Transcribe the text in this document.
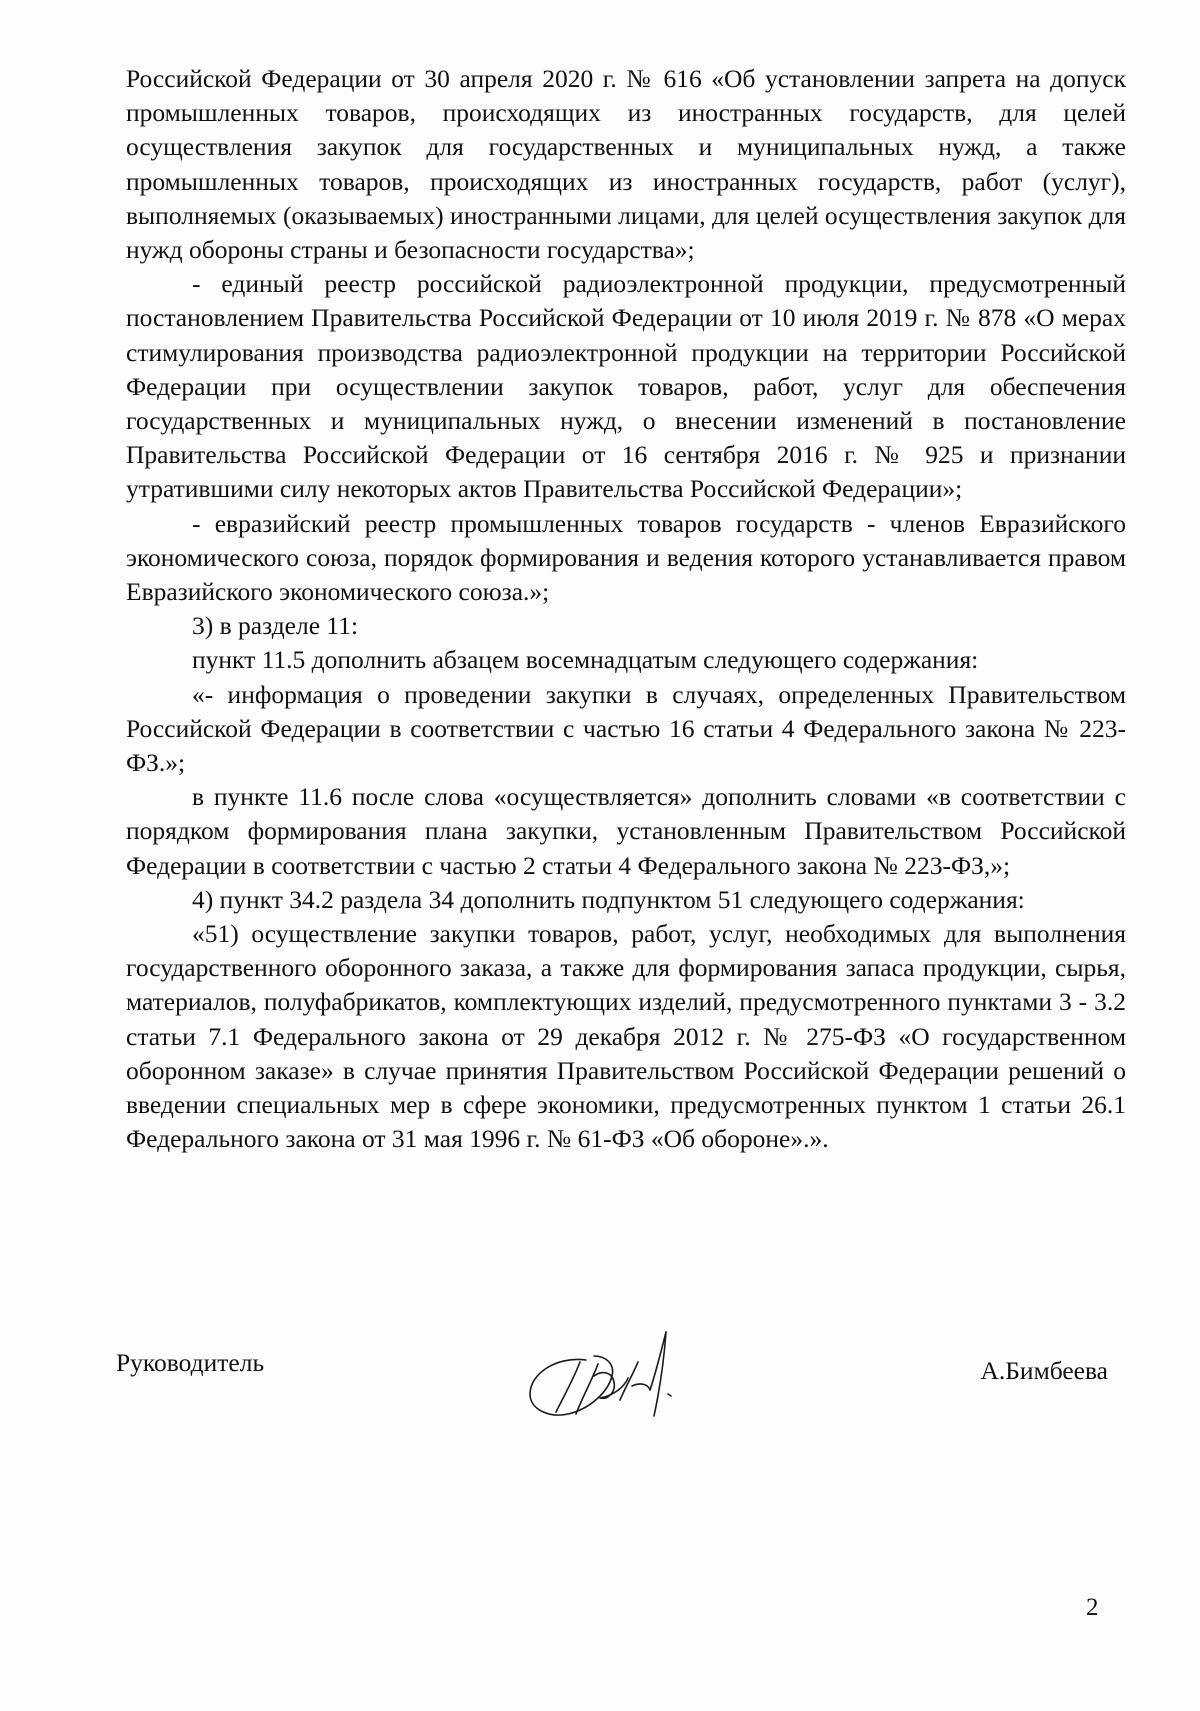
Российской Федерации от 30 апреля 2020 г. № 616 «Об установлении запрета на допуск промышленных товаров, происходящих из иностранных государств, для целей осуществления закупок для государственных и муниципальных нужд, а также промышленных товаров, происходящих из иностранных государств, работ (услуг), выполняемых (оказываемых) иностранными лицами, для целей осуществления закупок для нужд обороны страны и безопасности государства»;

- единый реестр российской радиоэлектронной продукции, предусмотренный постановлением Правительства Российской Федерации от 10 июля 2019 г. № 878 «О мерах стимулирования производства радиоэлектронной продукции на территории Российской Федерации при осуществлении закупок товаров, работ, услуг для обеспечения государственных и муниципальных нужд, о внесении изменений в постановление Правительства Российской Федерации от 16 сентября 2016 г. № 925 и признании утратившими силу некоторых актов Правительства Российской Федерации»;

- евразийский реестр промышленных товаров государств - членов Евразийского экономического союза, порядок формирования и ведения которого устанавливается правом Евразийского экономического союза.»;

3) в разделе 11:

пункт 11.5 дополнить абзацем восемнадцатым следующего содержания:

«- информация о проведении закупки в случаях, определенных Правительством Российской Федерации в соответствии с частью 16 статьи 4 Федерального закона № 223-ФЗ.»;

в пункте 11.6 после слова «осуществляется» дополнить словами «в соответствии с порядком формирования плана закупки, установленным Правительством Российской Федерации в соответствии с частью 2 статьи 4 Федерального закона № 223-ФЗ,»;

4) пункт 34.2 раздела 34 дополнить подпунктом 51 следующего содержания:

«51) осуществление закупки товаров, работ, услуг, необходимых для выполнения государственного оборонного заказа, а также для формирования запаса продукции, сырья, материалов, полуфабрикатов, комплектующих изделий, предусмотренного пунктами 3 - 3.2 статьи 7.1 Федерального закона от 29 декабря 2012 г. № 275-ФЗ «О государственном оборонном заказе» в случае принятия Правительством Российской Федерации решений о введении специальных мер в сфере экономики, предусмотренных пунктом 1 статьи 26.1 Федерального закона от 31 мая 1996 г. № 61-ФЗ «Об обороне».».

Руководитель	А.Бимбеева
2
